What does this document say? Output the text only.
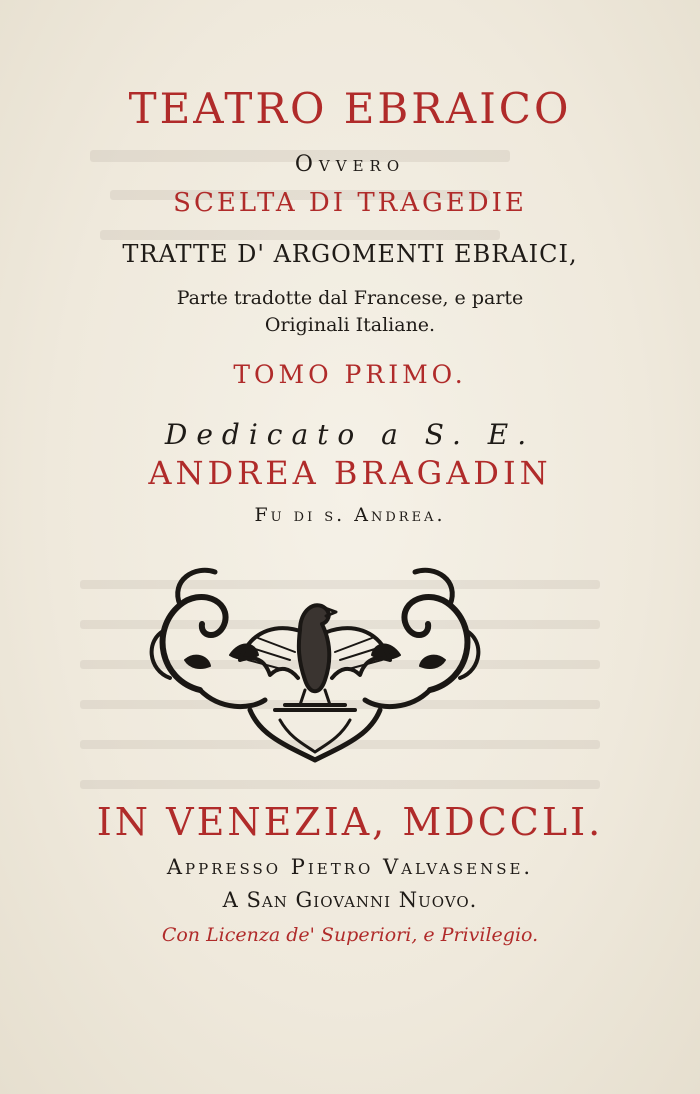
TEATRO EBRAICO
Ovvero
SCELTA DI TRAGEDIE
TRATTE D' ARGOMENTI EBRAICI,
Parte tradotte dal Francese, e parte
Originali Italiane.
TOMO PRIMO.
Dedicato a S. E.
ANDREA BRAGADIN
Fu di ſ. Andrea.
IN VENEZIA, MDCCLI.
Appreſſo Pietro Valvasense.
A San Giovanni Nuovo.
Con Licenza de' Superiori, e Privilegio.
